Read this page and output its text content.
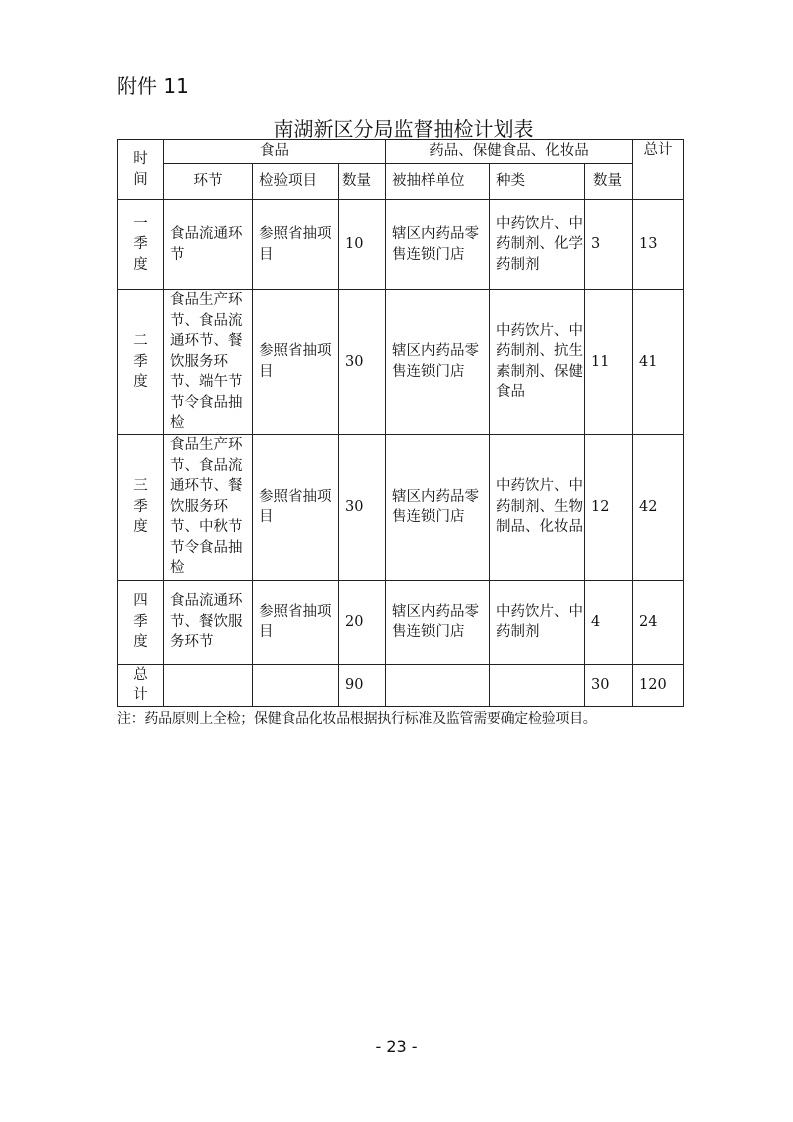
附件 11
南湖新区分局监督抽检计划表
时间	食品			药品、保健食品、化妆品			总计
	环节	检验项目	数量	被抽样单位	种类	数量	
一季度	食品流通环节	参照省抽项目	10	辖区内药品零售连锁门店	中药饮片、中药制剂、化学药制剂	3	13
二季度	食品生产环节、食品流通环节、餐饮服务环节、端午节节令食品抽检	参照省抽项目	30	辖区内药品零售连锁门店	中药饮片、中药制剂、抗生素制剂、保健食品	11	41
三季度	食品生产环节、食品流通环节、餐饮服务环节、中秋节节令食品抽检	参照省抽项目	30	辖区内药品零售连锁门店	中药饮片、中药制剂、生物制品、化妆品	12	42
四季度	食品流通环节、餐饮服务环节	参照省抽项目	20	辖区内药品零售连锁门店	中药饮片、中药制剂	4	24
总计			90			30	120
注：药品原则上全检；保健食品化妆品根据执行标准及监管需要确定检验项目。
- 23 -
